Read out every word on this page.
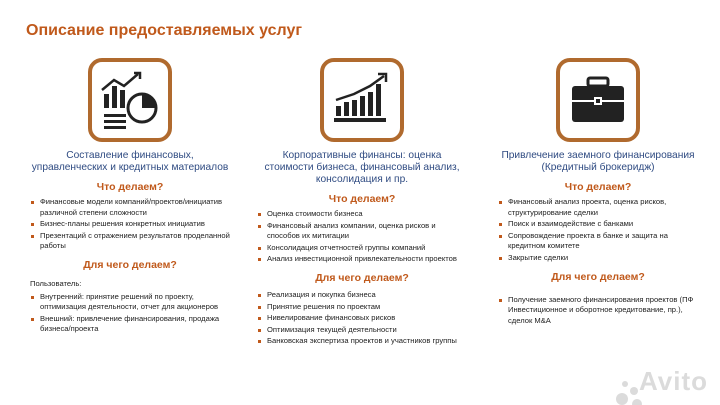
Описание предоставляемых услуг
Составление финансовых, управленческих и кредитных материалов
Что делаем?
Финансовые модели компаний/проектов/инициатив различной степени сложности
Бизнес-планы решения конкретных инициатив
Презентаций с отражением результатов проделанной работы
Для чего делаем?
Пользователь:
Внутренний: принятие решений по проекту, оптимизация деятельности, отчет для акционеров
Внешний: привлечение финансирования, продажа бизнеса/проекта
Корпоративные финансы: оценка стоимости бизнеса, финансовый анализ, консолидация и пр.
Что делаем?
Оценка стоимости бизнеса
Финансовый анализ компании, оценка рисков и способов их митигации
Консолидация отчетностей группы компаний
Анализ инвестиционной привлекательности проектов
Для чего делаем?
Реализация и покупка бизнеса
Принятие решения по проектам
Нивелирование финансовых рисков
Оптимизация текущей деятельности
Банковская экспертиза проектов и участников группы
Привлечение заемного финансирования (Кредитный брокеридж)
Что делаем?
Финансовый анализ проекта, оценка рисков, структурирование сделки
Поиск и взаимодействие с банками
Сопровождение проекта в банке и защита на кредитном комитете
Закрытие сделки
Для чего делаем?
Получение заемного финансирования проектов (ПФ Инвестиционное и оборотное кредитование, пр.), сделок M&A
Avito
